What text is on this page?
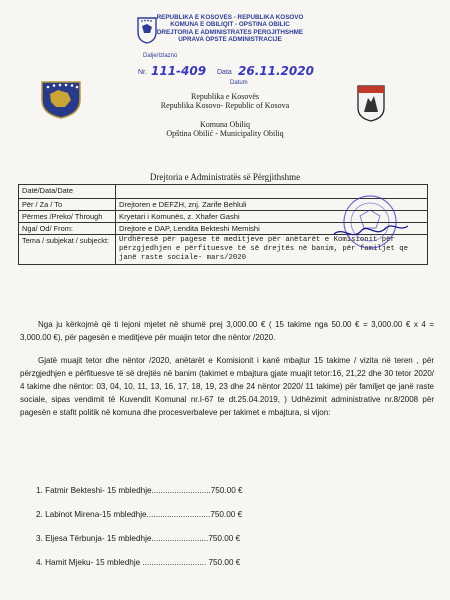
REPUBLIKA E KOSOVËS - REPUBLIKA KOSOVO
KOMUNA E OBILIQIT - OPŠTINA OBILIĆ
DREJTORIA E ADMINISTRATËS PËRGJITHSHME
UPRAVA OPŠTE ADMINISTRACIJE
Dalje/Izlazno
Nr. 111-409 Data 26.11.2020
Datum
Republika e Kosovës
Republika Kosovo- Republic of Kosova
Komuna Obiliq
Opština Obilić - Municipality Obiliq
Drejtoria e Administratës së Përgjithshme
Datë/Data/Date	
Për / Za / To	Drejtoren e DEFZH, znj. Zarife Behluli
Përmes /Preko/ Through	Kryetari i Komunës, z. Xhafer Gashi
Nga/ Od/ From:	Drejtore e DAP, Lendita Bekteshi Memishi
Tema / subjekat / subjeckt:	Urdhëresë për pagese të meditjeve për anëtarët e Komisionit për përzgjedhjen e përfituesve të së drejtës në banim, për familjet qe janë raste sociale- mars/2020

Nga ju kërkojmë që ti lejoni mjetet në shumë prej 3,000.00 € ( 15 takime nga 50.00 € = 3,000.00 € x 4 = 3,000.00 €), për pagesën e meditjeve për muajin tetor dhe nëntor /2020.

Gjatë muajit tetor dhe nëntor /2020, anëtarët e Komisionit i kanë mbajtur 15 takime / vizita në teren , për përzgjedhjen e përfituesve të së drejtës në banim (takimet e mbajtura gjate muajit tetor:16, 21,22 dhe 30 tetor 2020/ 4 takime dhe nëntor: 03, 04, 10, 11, 13, 16, 17, 18, 19, 23 dhe 24 nëntor 2020/ 11 takime) për familjet qe janë raste sociale, sipas vendimit të Kuvendit Komunal nr.I-67 te dt.25.04.2019, ) Udhëzimit administrative nr.8/2008 për pagesën e stafit politik në komuna dhe procesverbaleve per takimet e mbajtura, si vijon:

1. Fatmir Bekteshi- 15 mbledhje..........................750.00 €
2. Labinot Mirena-15 mbledhje............................750.00 €
3. Eljesa Tërbunja- 15 mbledhje.........................750.00 €
4. Hamit Mjeku- 15 mbledhje ............................ 750.00 €
